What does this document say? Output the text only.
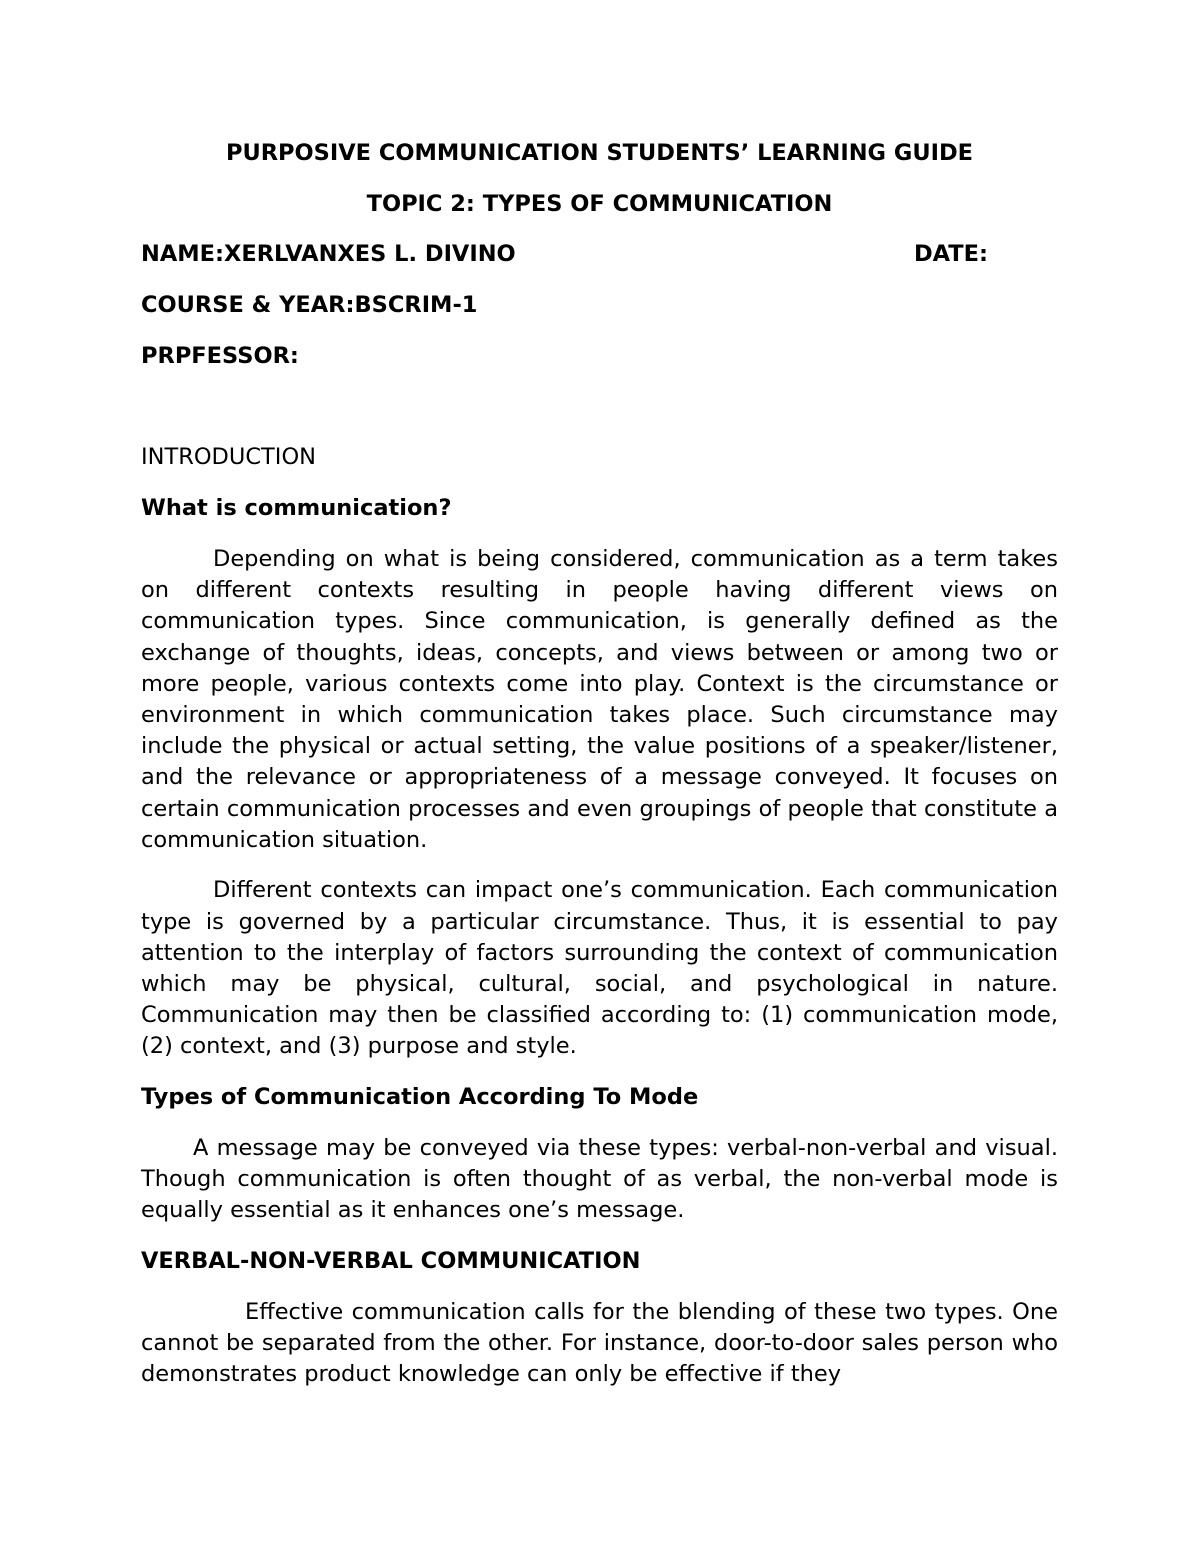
PURPOSIVE COMMUNICATION STUDENTS’ LEARNING GUIDE
TOPIC 2: TYPES OF COMMUNICATION
NAME:XERLVANXES L. DIVINO	DATE:
COURSE & YEAR:BSCRIM-1
PRPFESSOR:
INTRODUCTION
What is communication?

Depending on what is being considered, communication as a term takes on different contexts resulting in people having different views on communication types. Since communication, is generally defined as the exchange of thoughts, ideas, concepts, and views between or among two or more people, various contexts come into play. Context is the circumstance or environment in which communication takes place. Such circumstance may include the physical or actual setting, the value positions of a speaker/listener, and the relevance or appropriateness of a message conveyed. It focuses on certain communication processes and even groupings of people that constitute a communication situation.

Different contexts can impact one’s communication. Each communication type is governed by a particular circumstance. Thus, it is essential to pay attention to the interplay of factors surrounding the context of communication which may be physical, cultural, social, and psychological in nature. Communication may then be classified according to: (1) communication mode, (2) context, and (3) purpose and style.

Types of Communication According To Mode

A message may be conveyed via these types: verbal-non-verbal and visual. Though communication is often thought of as verbal, the non-verbal mode is equally essential as it enhances one’s message.

VERBAL-NON-VERBAL COMMUNICATION

Effective communication calls for the blending of these two types. One cannot be separated from the other. For instance, door-to-door sales person who demonstrates product knowledge can only be effective if they
